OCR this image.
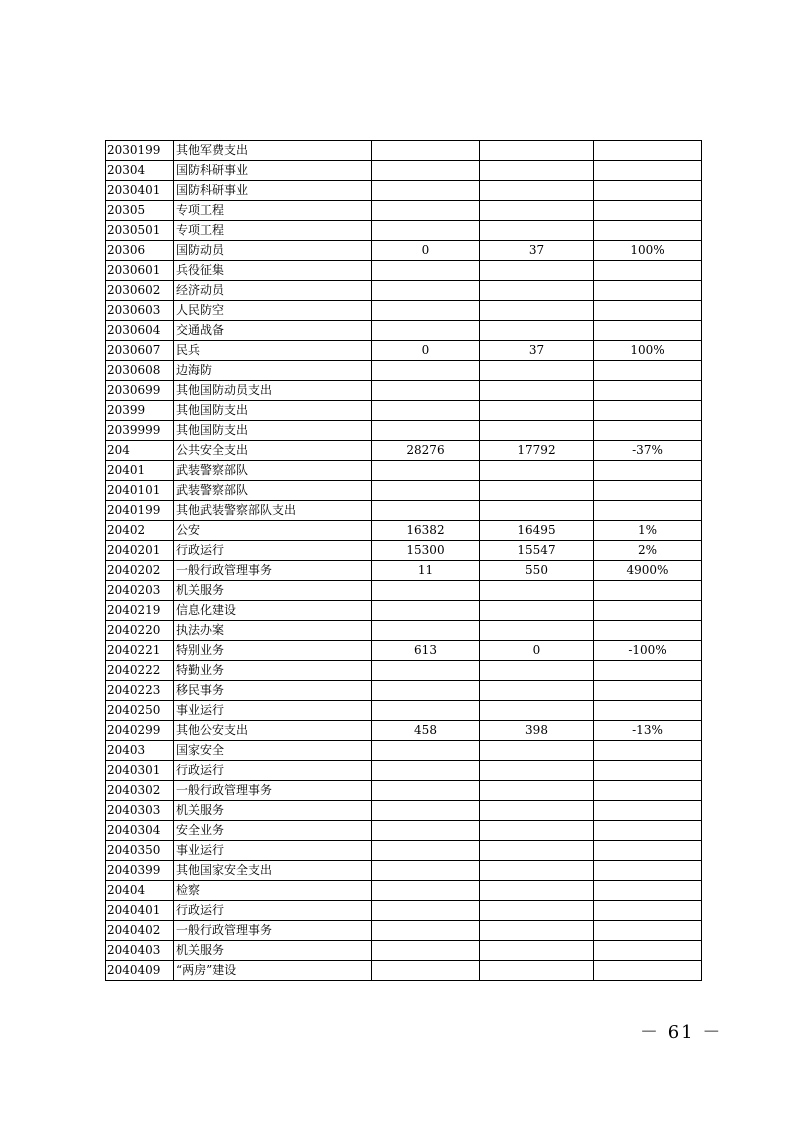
2030199	其他军费支出			
20304	国防科研事业			
2030401	国防科研事业			
20305	专项工程			
2030501	专项工程			
20306	国防动员	0	37	100%
2030601	兵役征集			
2030602	经济动员			
2030603	人民防空			
2030604	交通战备			
2030607	民兵	0	37	100%
2030608	边海防			
2030699	其他国防动员支出			
20399	其他国防支出			
2039999	其他国防支出			
204	公共安全支出	28276	17792	-37%
20401	武装警察部队			
2040101	武装警察部队			
2040199	其他武装警察部队支出			
20402	公安	16382	16495	1%
2040201	行政运行	15300	15547	2%
2040202	一般行政管理事务	11	550	4900%
2040203	机关服务			
2040219	信息化建设			
2040220	执法办案			
2040221	特别业务	613	0	-100%
2040222	特勤业务			
2040223	移民事务			
2040250	事业运行			
2040299	其他公安支出	458	398	-13%
20403	国家安全			
2040301	行政运行			
2040302	一般行政管理事务			
2040303	机关服务			
2040304	安全业务			
2040350	事业运行			
2040399	其他国家安全支出			
20404	检察			
2040401	行政运行			
2040402	一般行政管理事务			
2040403	机关服务			
2040409	“两房”建设			
－ 61 －
